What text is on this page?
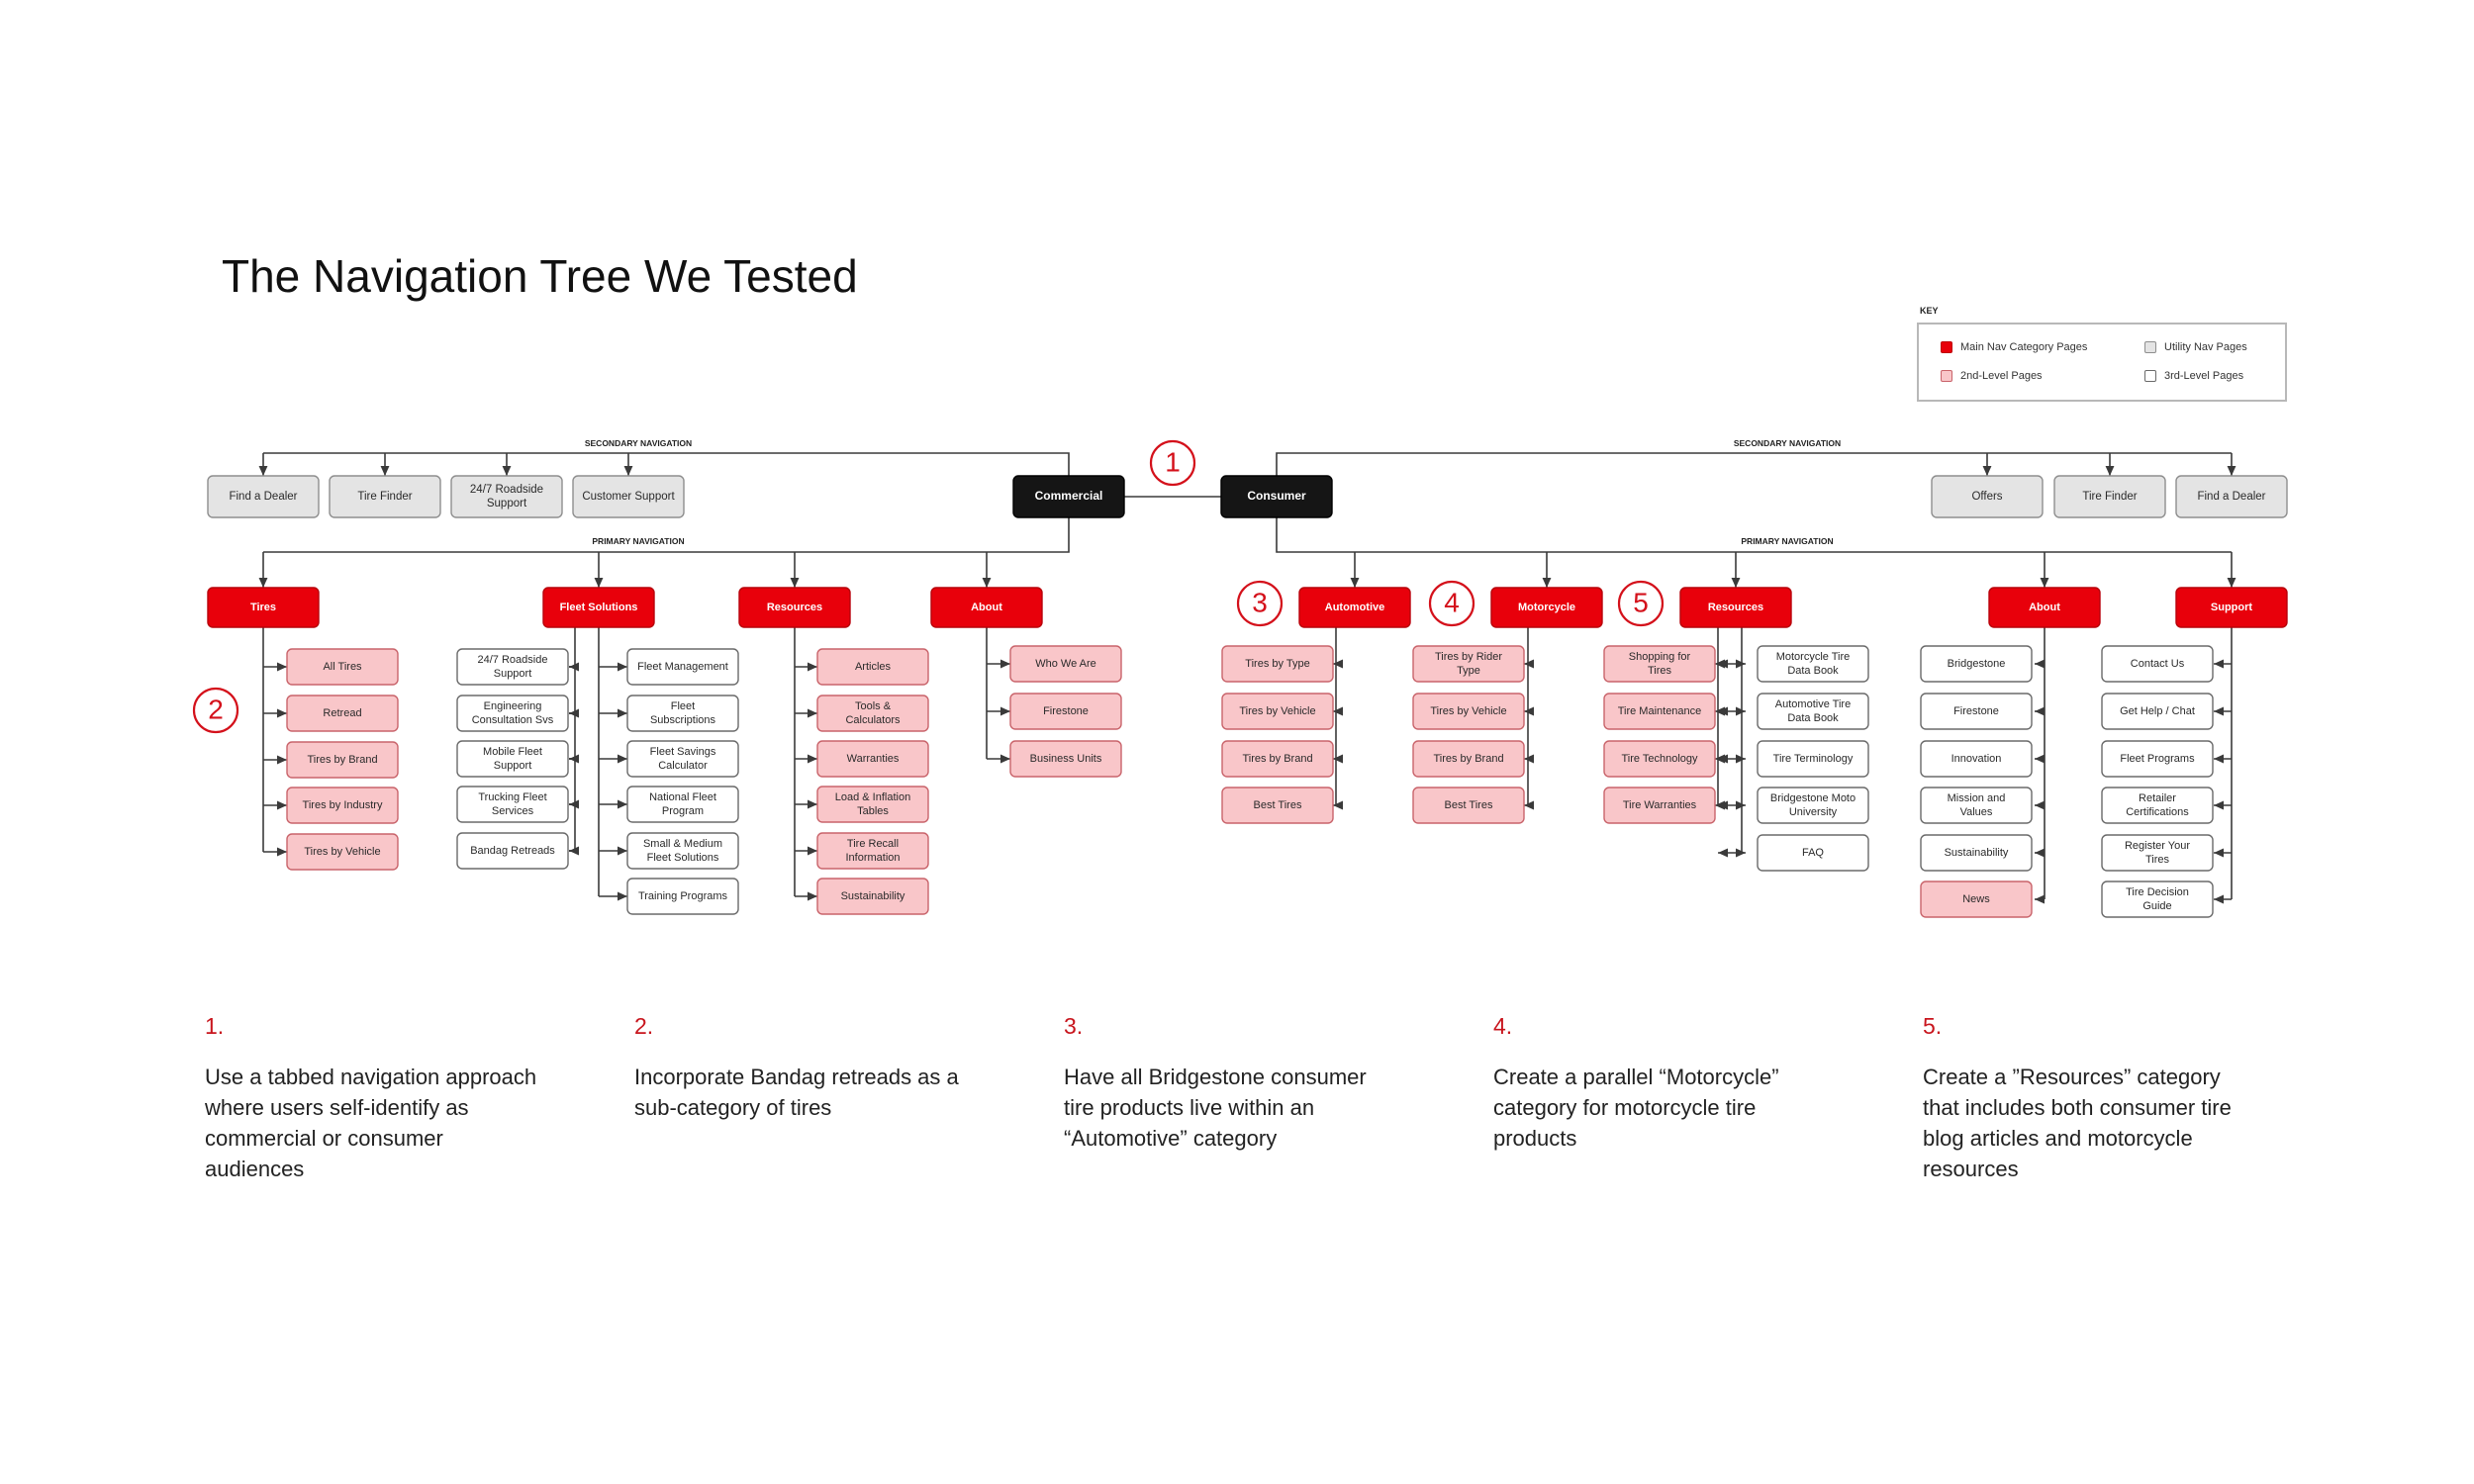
The Navigation Tree We Tested
KEY
Main Nav Category Pages	Utility Nav Pages
2nd-Level Pages	3rd-Level Pages
Commercial	Consumer
1
Find a Dealer	Tire Finder
24/7 Roadside Support
Customer Support
SECONDARY NAVIGATION
PRIMARY NAVIGATION
Tires	Fleet Solutions	Resources	About
All Tires
Retread
Tires by Brand
Tires by Industry
Tires by Vehicle
Fleet Management
Fleet Subscriptions
Fleet Savings Calculator
National Fleet Program
Small & Medium Fleet Solutions
Training Programs
24/7 Roadside Support
Engineering Consultation Svs
Mobile Fleet Support
Trucking Fleet Services
Bandag Retreads
Articles
Tools & Calculators
Warranties
Load & Inflation Tables
Tire Recall Information
Sustainability
Who We Are
Firestone
Business Units
2
Offers	Tire Finder	Find a Dealer
SECONDARY NAVIGATION
PRIMARY NAVIGATION
Automotive	Motorcycle	Resources	About	Support
Tires by Type
Tires by Vehicle
Tires by Brand
Best Tires
Tires by Rider Type
Tires by Vehicle
Tires by Brand
Best Tires
Shopping for Tires
Tire Maintenance
Tire Technology
Tire Warranties
Motorcycle Tire Data Book
Automotive Tire Data Book
Tire Terminology
Bridgestone Moto University
FAQ
Bridgestone
Firestone
Innovation
Mission and Values
Sustainability
News
Contact Us
Get Help / Chat
Fleet Programs
Retailer Certifications
Register Your Tires
Tire Decision Guide
3	4	5
1.
Use a tabbed navigation approach where users self-identify as commercial or consumer audiences
2.
Incorporate Bandag retreads as a sub-category of tires
3.
Have all Bridgestone consumer tire products live within an “Automotive” category
4.
Create a parallel “Motorcycle” category for motorcycle tire products
5.
Create a ”Resources” category that includes both consumer tire blog articles and motorcycle resources
